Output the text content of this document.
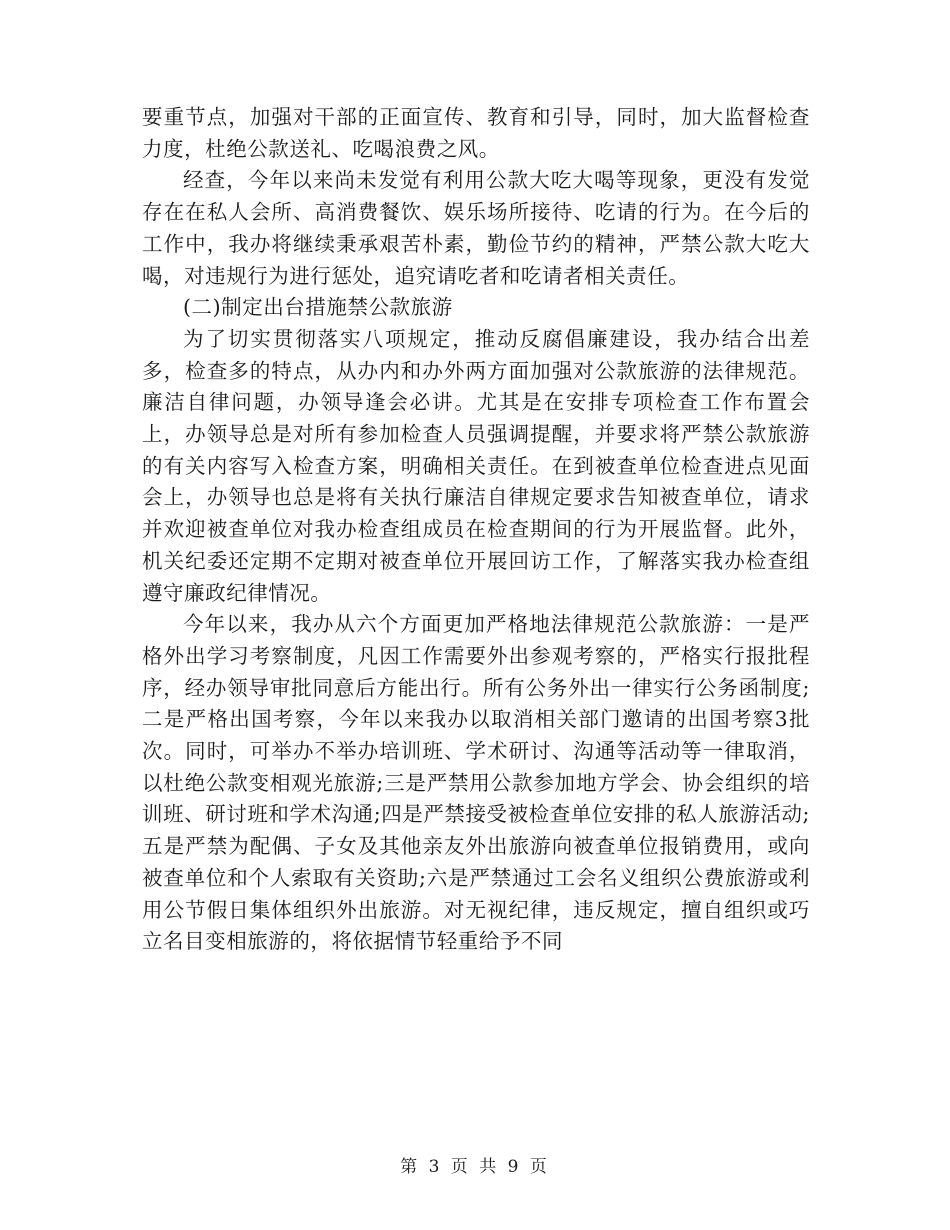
要重节点，加强对干部的正面宣传、教育和引导，同时，加大监督检查力度，杜绝公款送礼、吃喝浪费之风。

经查，今年以来尚未发觉有利用公款大吃大喝等现象，更没有发觉存在在私人会所、高消费餐饮、娱乐场所接待、吃请的行为。在今后的工作中，我办将继续秉承艰苦朴素，勤俭节约的精神，严禁公款大吃大喝，对违规行为进行惩处，追究请吃者和吃请者相关责任。

(二)制定出台措施禁公款旅游

为了切实贯彻落实八项规定，推动反腐倡廉建设，我办结合出差多，检查多的特点，从办内和办外两方面加强对公款旅游的法律规范。廉洁自律问题，办领导逢会必讲。尤其是在安排专项检查工作布置会上，办领导总是对所有参加检查人员强调提醒，并要求将严禁公款旅游的有关内容写入检查方案，明确相关责任。在到被查单位检查进点见面会上，办领导也总是将有关执行廉洁自律规定要求告知被查单位，请求并欢迎被查单位对我办检查组成员在检查期间的行为开展监督。此外，机关纪委还定期不定期对被查单位开展回访工作，了解落实我办检查组遵守廉政纪律情况。

今年以来，我办从六个方面更加严格地法律规范公款旅游：一是严格外出学习考察制度，凡因工作需要外出参观考察的，严格实行报批程序，经办领导审批同意后方能出行。所有公务外出一律实行公务函制度;二是严格出国考察，今年以来我办以取消相关部门邀请的出国考察3批次。同时，可举办不举办培训班、学术研讨、沟通等活动等一律取消，以杜绝公款变相观光旅游;三是严禁用公款参加地方学会、协会组织的培训班、研讨班和学术沟通;四是严禁接受被检查单位安排的私人旅游活动;五是严禁为配偶、子女及其他亲友外出旅游向被查单位报销费用，或向被查单位和个人索取有关资助;六是严禁通过工会名义组织公费旅游或利用公节假日集体组织外出旅游。对无视纪律，违反规定，擅自组织或巧立名目变相旅游的，将依据情节轻重给予不同

第 3 页 共 9 页
